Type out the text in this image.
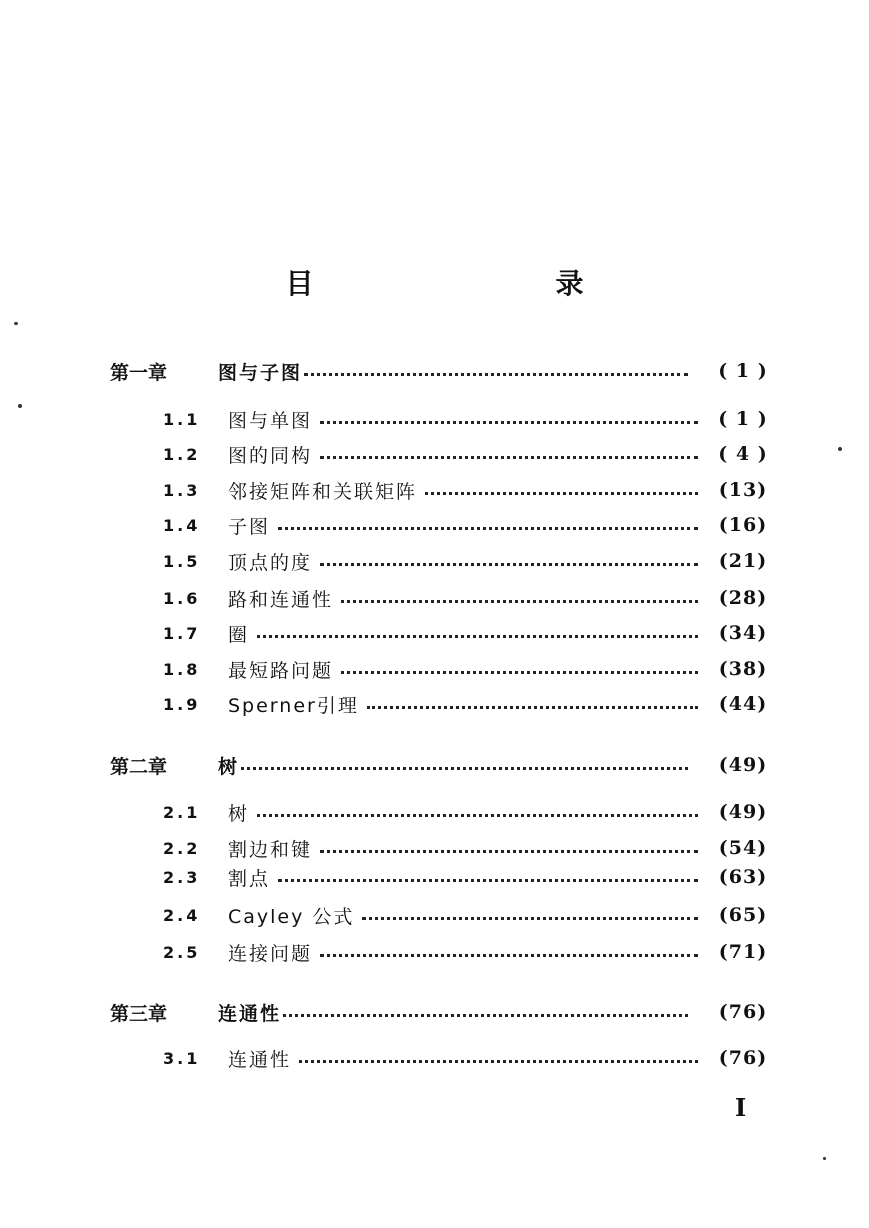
目　　录
第一章	图与子图	( 1 )
1.1	图与单图	( 1 )
1.2	图的同构	( 4 )
1.3	邻接矩阵和关联矩阵	(13)
1.4	子图	(16)
1.5	顶点的度	(21)
1.6	路和连通性	(28)
1.7	圈	(34)
1.8	最短路问题	(38)
1.9	Sperner引理	(44)
第二章	树	(49)
2.1	树	(49)
2.2	割边和键	(54)
2.3	割点	(63)
2.4	Cayley 公式	(65)
2.5	连接问题	(71)
第三章	连通性	(76)
3.1	连通性	(76)
I
